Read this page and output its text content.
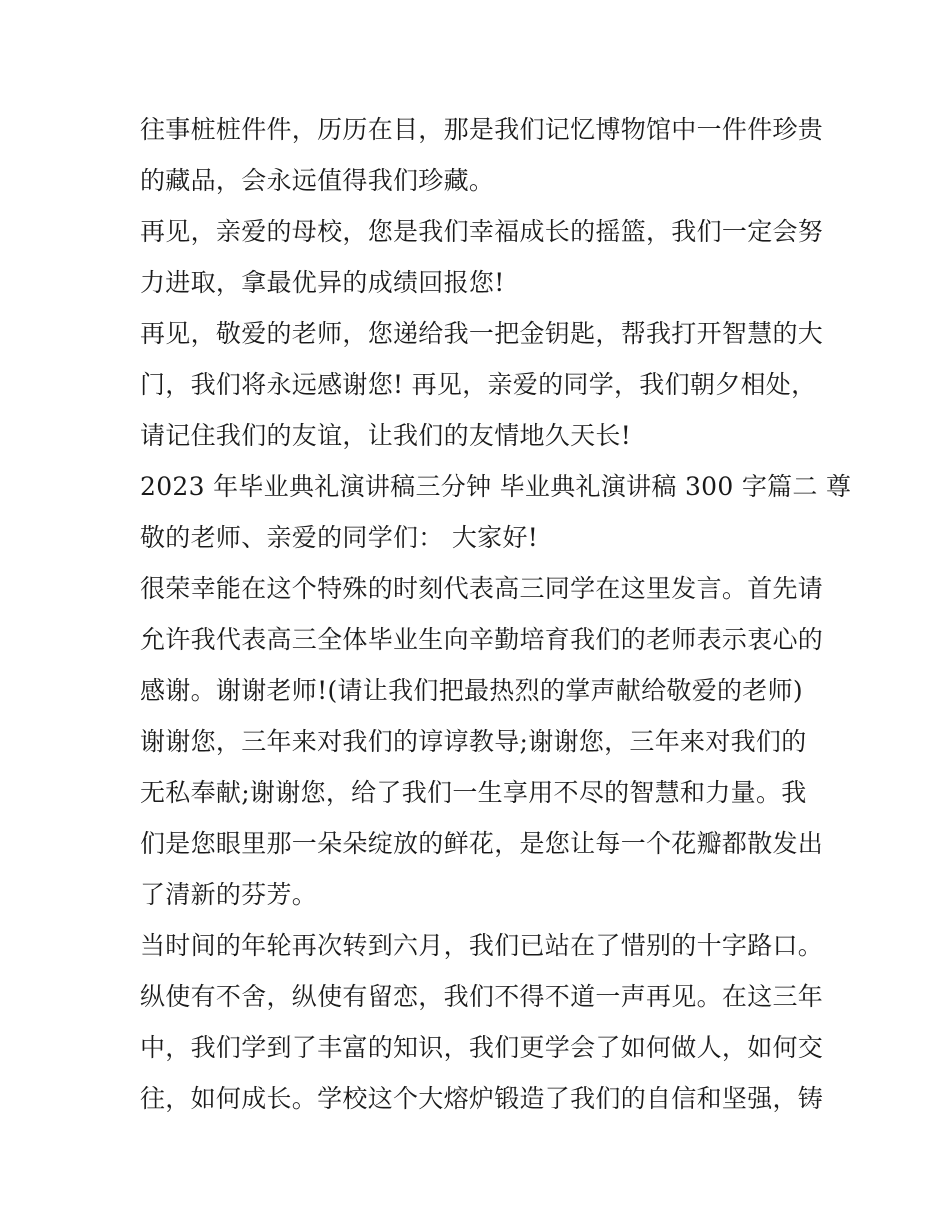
往事桩桩件件，历历在目，那是我们记忆博物馆中一件件珍贵
的藏品，会永远值得我们珍藏。
再见，亲爱的母校，您是我们幸福成长的摇篮，我们一定会努
力进取，拿最优异的成绩回报您!
再见，敬爱的老师，您递给我一把金钥匙，帮我打开智慧的大
门，我们将永远感谢您! 再见，亲爱的同学，我们朝夕相处，
请记住我们的友谊，让我们的友情地久天长!
2023 年毕业典礼演讲稿三分钟 毕业典礼演讲稿 300 字篇二 尊
敬的老师、亲爱的同学们： 大家好!
很荣幸能在这个特殊的时刻代表高三同学在这里发言。首先请
允许我代表高三全体毕业生向辛勤培育我们的老师表示衷心的
感谢。谢谢老师!(请让我们把最热烈的掌声献给敬爱的老师)
谢谢您，三年来对我们的谆谆教导;谢谢您，三年来对我们的
无私奉献;谢谢您，给了我们一生享用不尽的智慧和力量。我
们是您眼里那一朵朵绽放的鲜花，是您让每一个花瓣都散发出
了清新的芬芳。
当时间的年轮再次转到六月，我们已站在了惜别的十字路口。
纵使有不舍，纵使有留恋，我们不得不道一声再见。在这三年
中，我们学到了丰富的知识，我们更学会了如何做人，如何交
往，如何成长。学校这个大熔炉锻造了我们的自信和坚强，铸
